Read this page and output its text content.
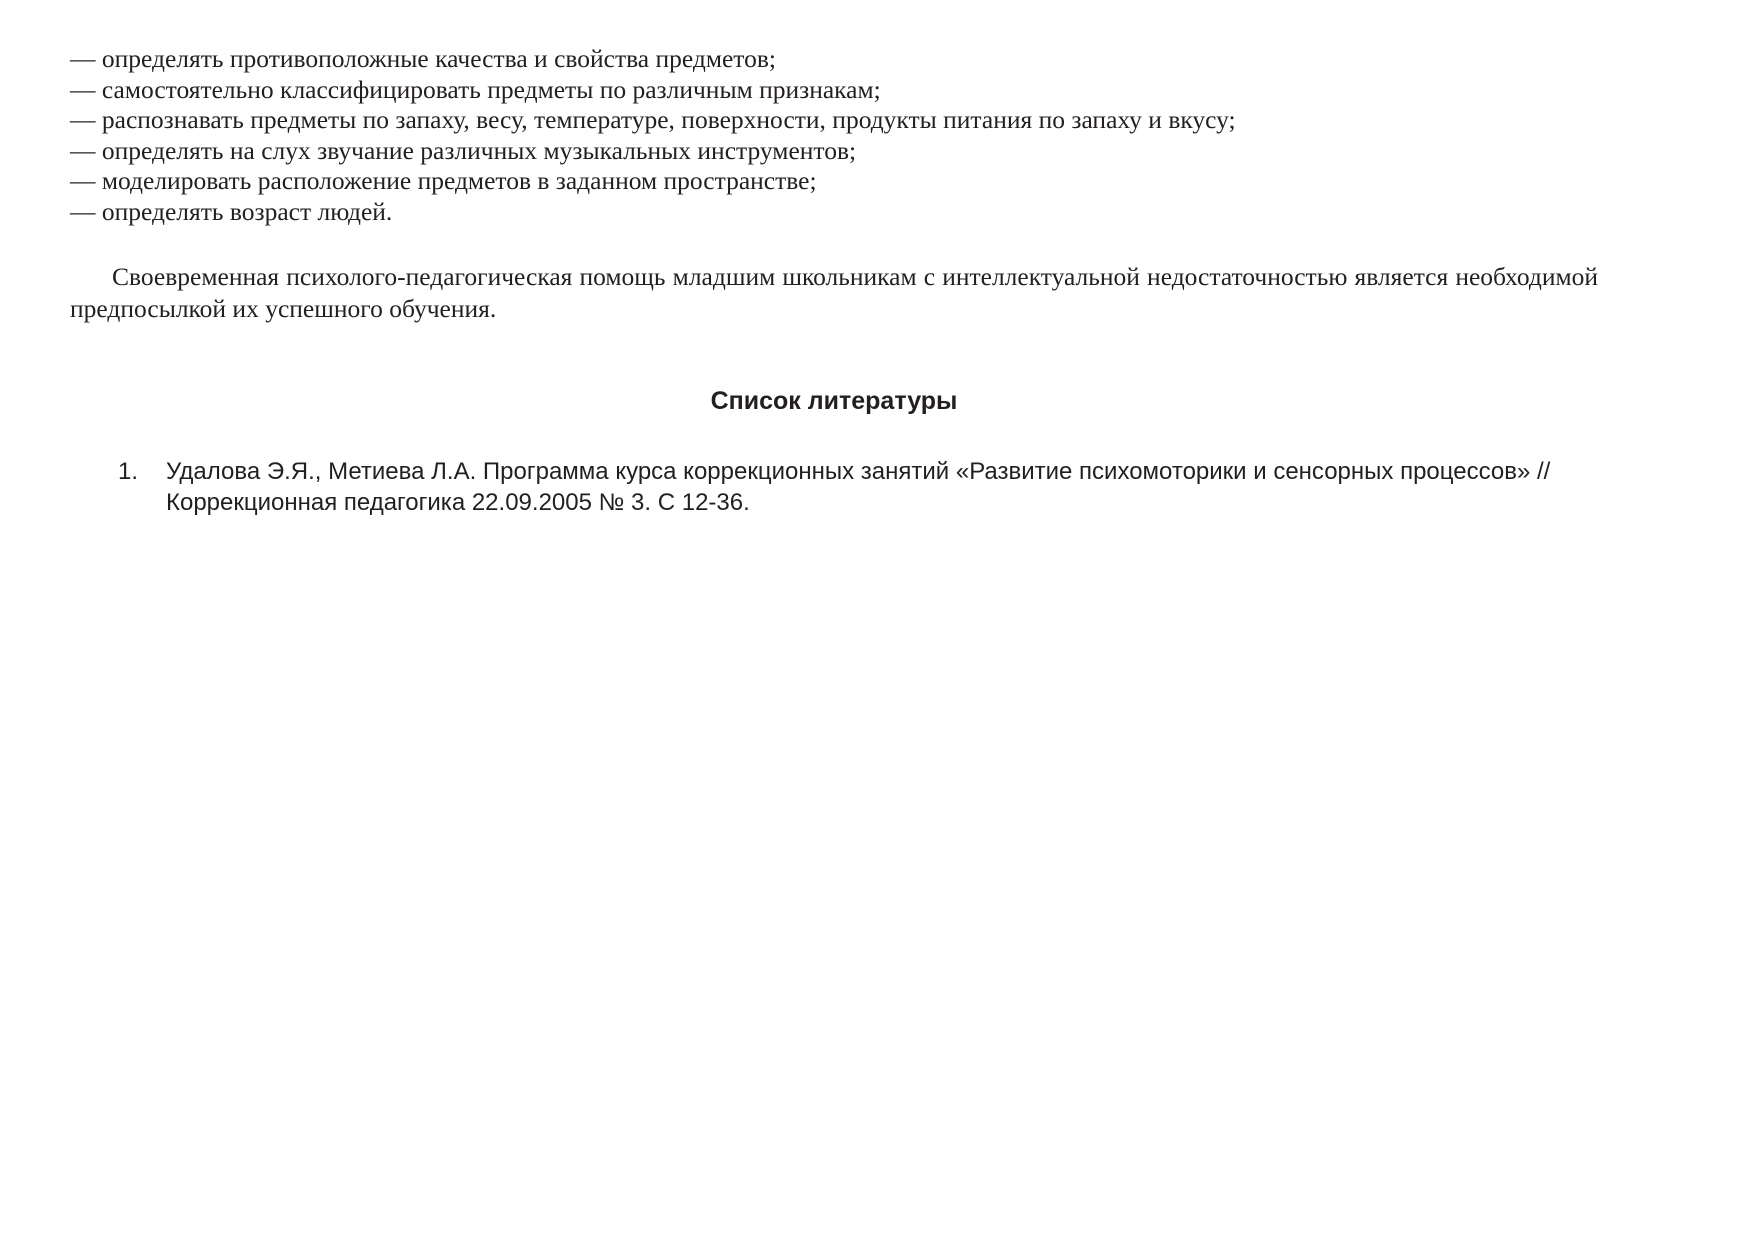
— определять противоположные качества и свойства предметов;
— самостоятельно классифицировать предметы по различным признакам;
— распознавать предметы по запаху, весу, температуре, поверхности, продукты питания по запаху и вкусу;
— определять на слух звучание различных музыкальных инструментов;
— моделировать расположение предметов в заданном пространстве;
— определять возраст людей.

Своевременная психолого-педагогическая помощь младшим школьникам с интеллектуальной недостаточностью является необходимой предпосылкой их успешного обучения.

Список литературы
1. Удалова Э.Я., Метиева Л.А. Программа курса коррекционных занятий «Развитие психомоторики и сенсорных процессов» //Коррекционная педагогика 22.09.2005 № 3. С 12-36.
